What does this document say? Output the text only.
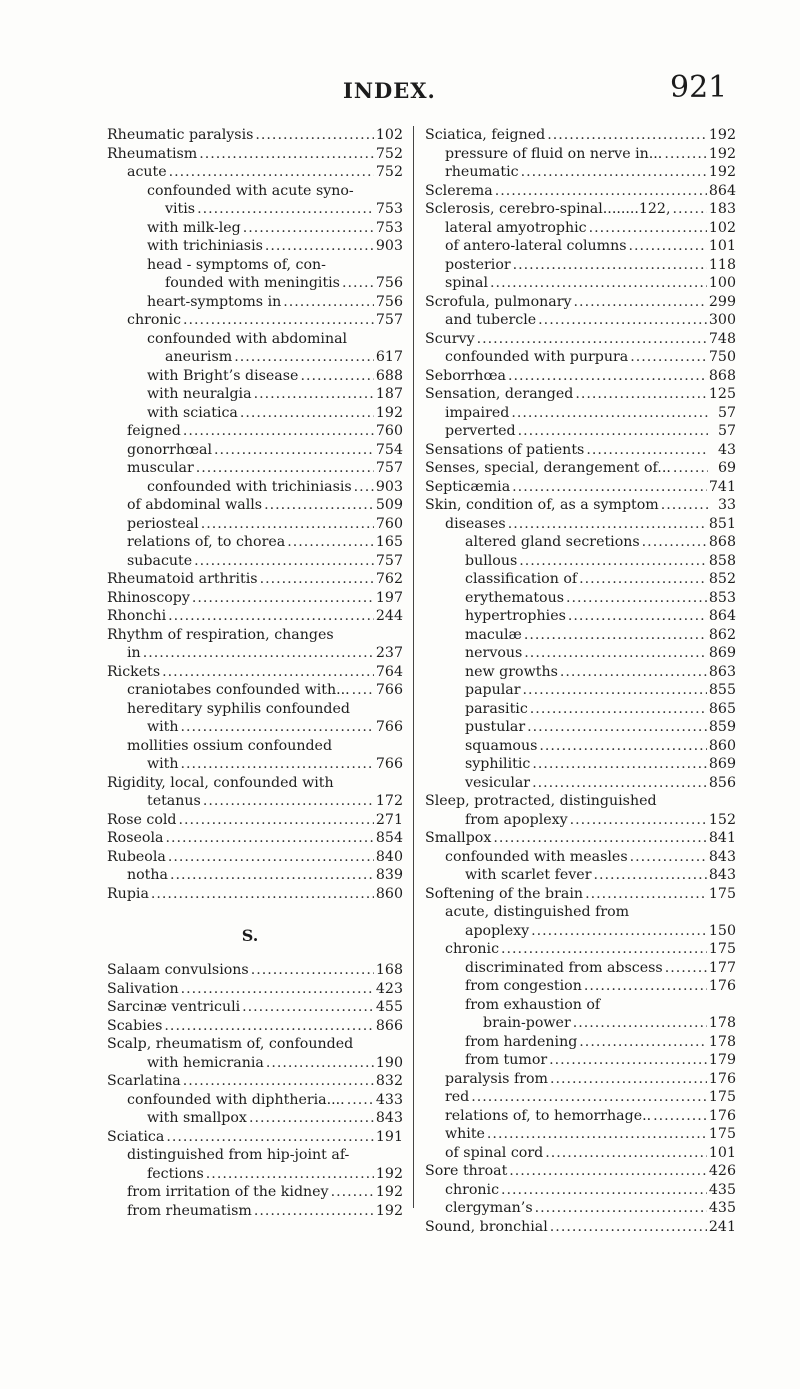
INDEX.	921
Rheumatic paralysis .....	102
Rheumatism .....	752
acute .....	752
confounded with acute syno-
vitis .....	753
with milk-leg .....	753
with trichiniasis .....	903
head - symptoms of, con-
founded with meningitis .....	756
heart-symptoms in .....	756
chronic .....	757
confounded with abdominal
aneurism .....	617
with Bright’s disease .....	688
with neuralgia .....	187
with sciatica .....	192
feigned .....	760
gonorrhœal .....	754
muscular .....	757
confounded with trichiniasis ..... 903
of abdominal walls .....	509
periosteal .....	760
relations of, to chorea .....	165
subacute .....	757
Rheumatoid arthritis .....	762
Rhinoscopy .....	197
Rhonchi .....	244
Rhythm of respiration, changes
in .....	237
Rickets .....	764
craniotabes confounded with... ..... 766
hereditary syphilis confounded
with .....	766
mollities ossium confounded
with .....	766
Rigidity, local, confounded with
tetanus .....	172
Rose cold .....	271
Roseola .....	854
Rubeola .....	840
notha .....	839
Rupia .....	860
S.
Salaam convulsions .....	168
Salivation .....	423
Sarcinæ ventriculi .....	455
Scabies .....	866
Scalp, rheumatism of, confounded
with hemicrania .....	190
Scarlatina .....	832
confounded with diphtheria.... ..... 433
with smallpox .....	843
Sciatica .....	191
distinguished from hip-joint af-
fections .....	192
from irritation of the kidney .....	192
from rheumatism .....	192
Sciatica, feigned .....	192
pressure of fluid on nerve in... .....	192
rheumatic .....	192
Sclerema .....	864
Sclerosis, cerebro-spinal........122, .....	183
lateral amyotrophic .....	102
of antero-lateral columns .....	101
posterior .....	118
spinal .....	100
Scrofula, pulmonary .....	299
and tubercle .....	300
Scurvy .....	748
confounded with purpura .....	750
Seborrhœa .....	868
Sensation, deranged .....	125
impaired .....	57
perverted .....	57
Sensations of patients .....	43
Senses, special, derangement of... .....	69
Septicæmia .....	741
Skin, condition of, as a symptom .....	33
diseases .....	851
altered gland secretions .....	868
bullous .....	858
classification of .....	852
erythematous .....	853
hypertrophies .....	864
maculæ .....	862
nervous .....	869
new growths .....	863
papular .....	855
parasitic .....	865
pustular .....	859
squamous .....	860
syphilitic .....	869
vesicular .....	856
Sleep, protracted, distinguished
from apoplexy .....	152
Smallpox .....	841
confounded with measles .....	843
with scarlet fever .....	843
Softening of the brain .....	175
acute, distinguished from
apoplexy .....	150
chronic .....	175
discriminated from abscess .....	177
from congestion .....	176
from exhaustion of
brain-power .....	178
from hardening .....	178
from tumor .....	179
paralysis from .....	176
red .....	175
relations of, to hemorrhage.. .....	176
white .....	175
of spinal cord .....	101
Sore throat .....	426
chronic .....	435
clergyman’s .....	435
Sound, bronchial .....	241
